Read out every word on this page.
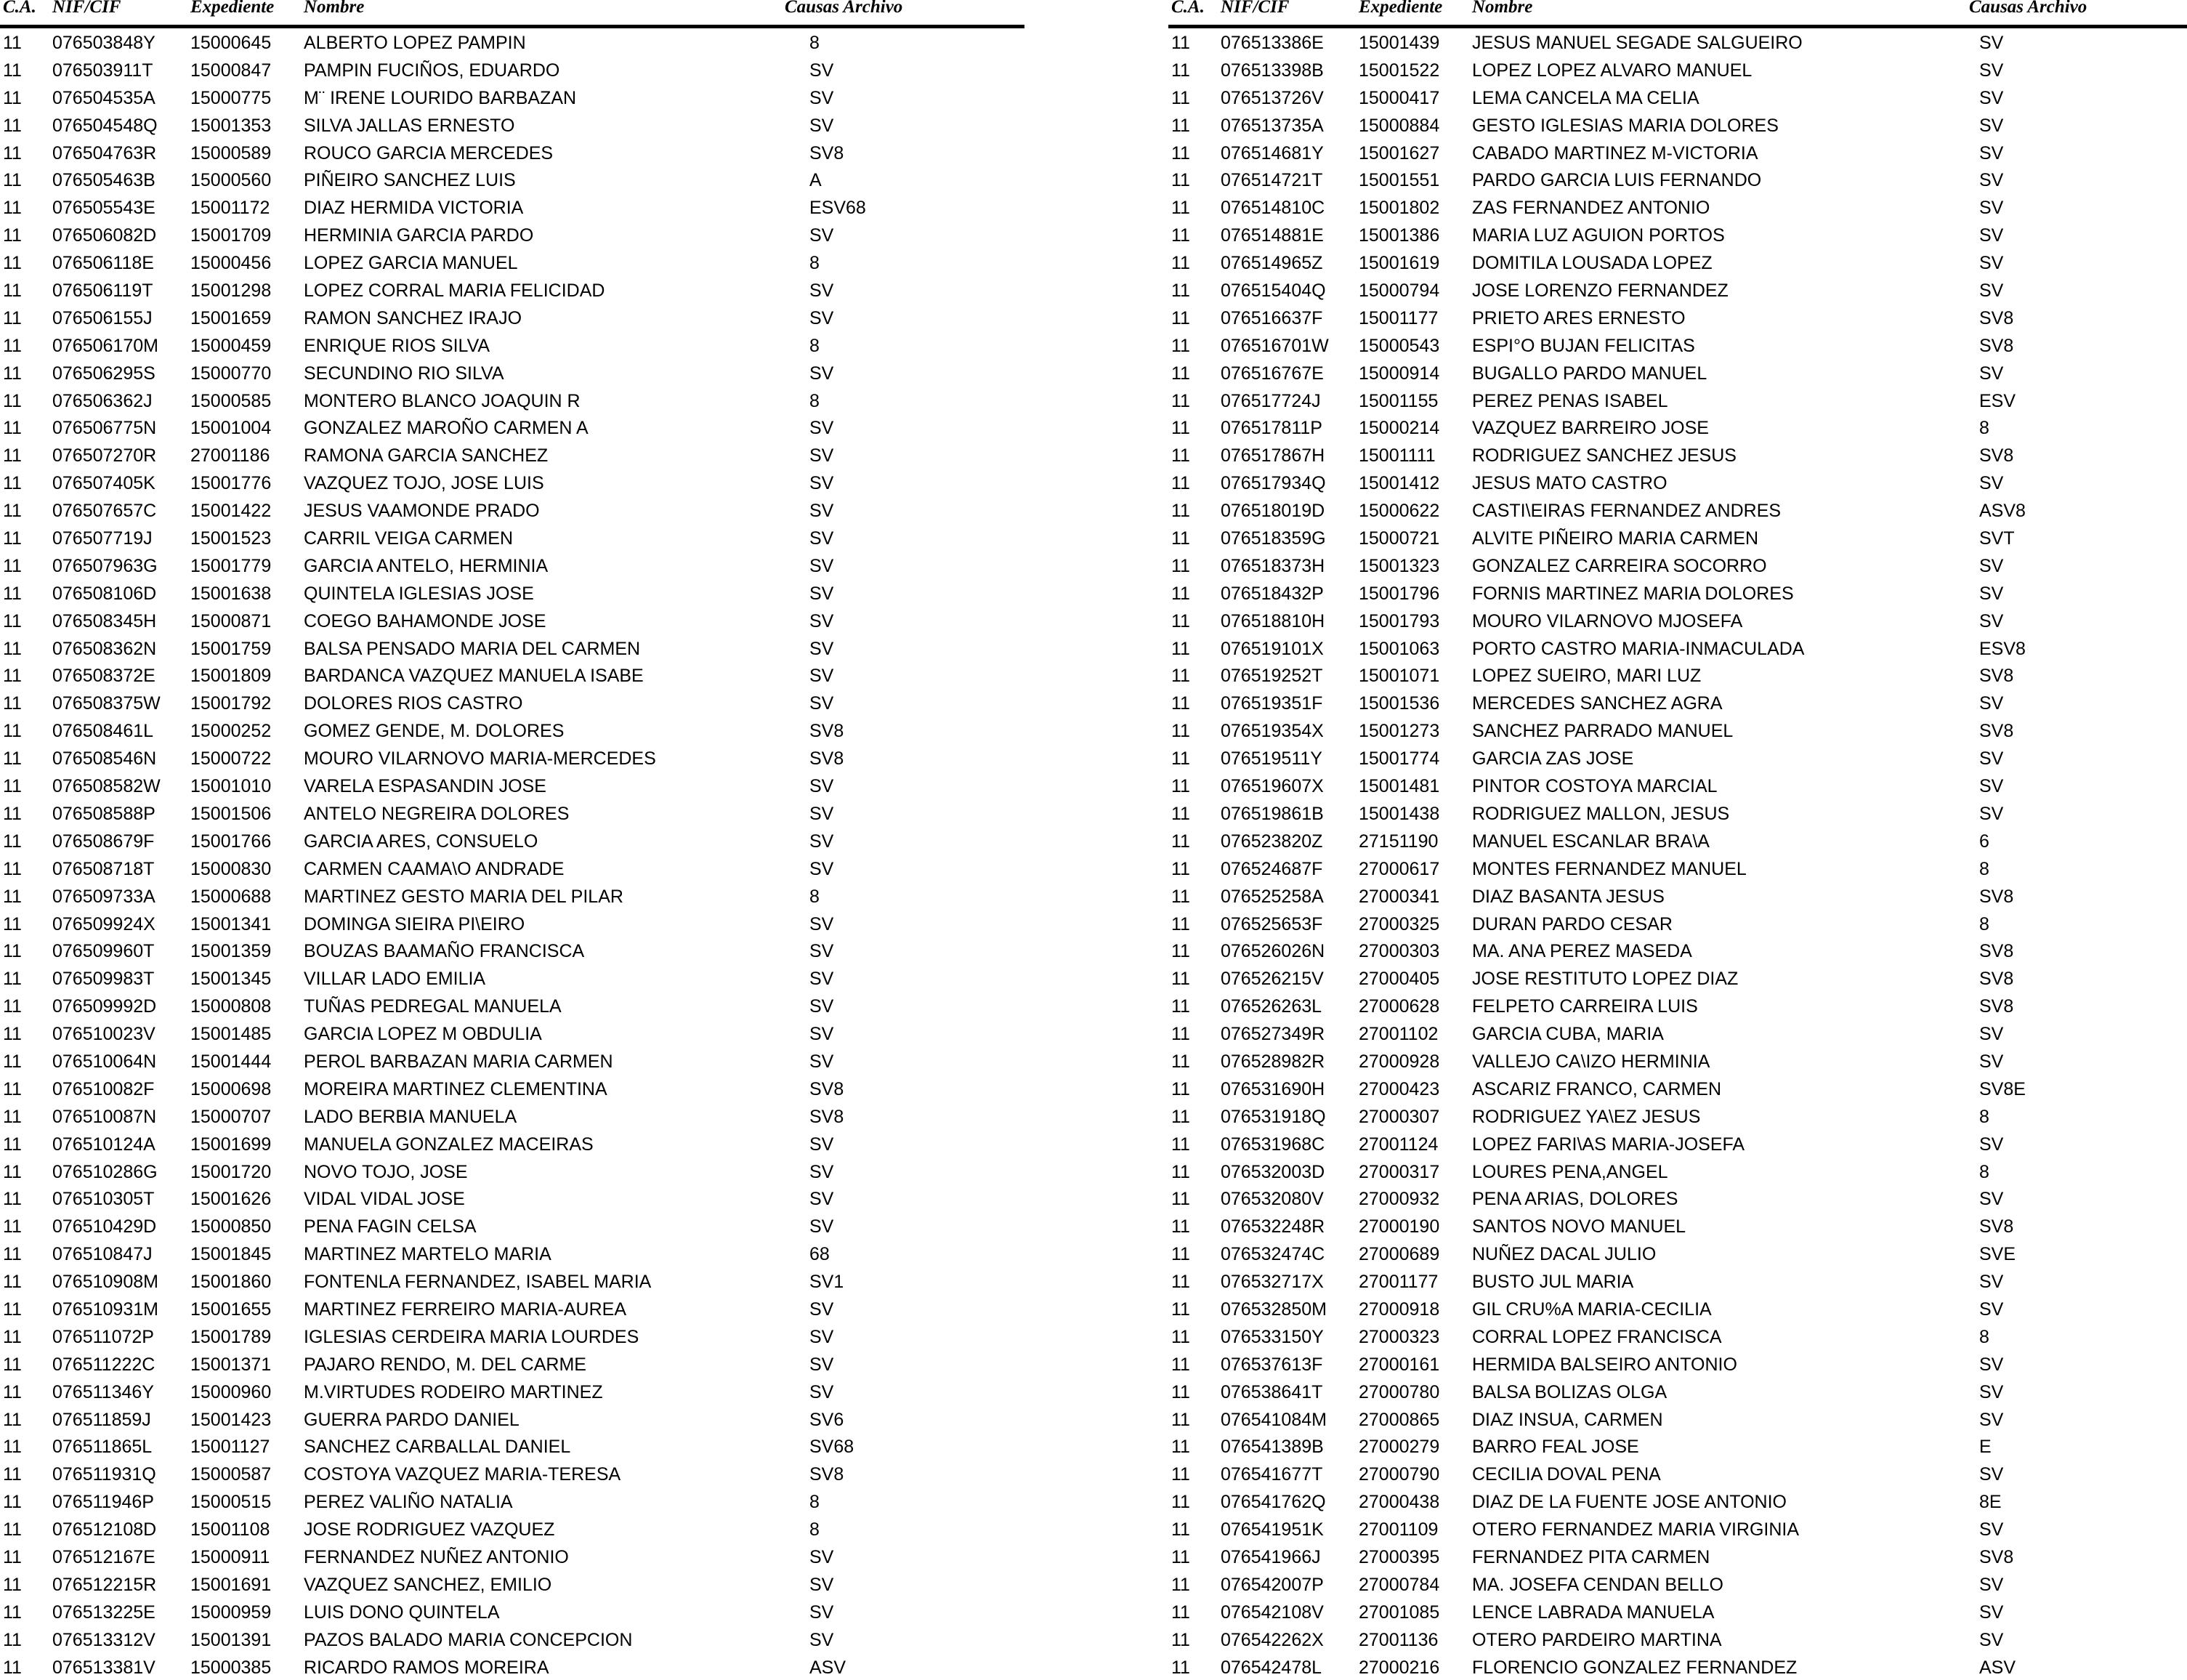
C.A. NIF/CIF	Expediente Nombre	Causas Archivo
11 076503848Y 15000645 ALBERTO LOPEZ PAMPIN	8
11 076503911T 15000847 PAMPIN FUCIÑOS, EDUARDO	SV
11 076504535A 15000775 M¨ IRENE LOURIDO BARBAZAN	SV
11 076504548Q 15001353 SILVA JALLAS ERNESTO	SV
11 076504763R 15000589 ROUCO GARCIA MERCEDES	SV8
11 076505463B 15000560 PIÑEIRO SANCHEZ LUIS	A
11 076505543E 15001172 DIAZ HERMIDA VICTORIA	ESV68
11 076506082D 15001709 HERMINIA GARCIA PARDO	SV
11 076506118E 15000456 LOPEZ GARCIA MANUEL	8
11 076506119T 15001298 LOPEZ CORRAL MARIA FELICIDAD	SV
11 076506155J 15001659 RAMON SANCHEZ IRAJO	SV
11 076506170M 15000459 ENRIQUE RIOS SILVA	8
11 076506295S 15000770 SECUNDINO RIO SILVA	SV
11 076506362J 15000585 MONTERO BLANCO JOAQUIN R	8
11 076506775N 15001004 GONZALEZ MAROÑO CARMEN A	SV
11 076507270R 27001186 RAMONA GARCIA SANCHEZ	SV
11 076507405K 15001776 VAZQUEZ TOJO, JOSE LUIS	SV
11 076507657C 15001422 JESUS VAAMONDE PRADO	SV
11 076507719J 15001523 CARRIL VEIGA CARMEN	SV
11 076507963G 15001779 GARCIA ANTELO, HERMINIA	SV
11 076508106D 15001638 QUINTELA IGLESIAS JOSE	SV
11 076508345H 15000871 COEGO BAHAMONDE JOSE	SV
11 076508362N 15001759 BALSA PENSADO MARIA DEL CARMEN	SV
11 076508372E 15001809 BARDANCA VAZQUEZ MANUELA ISABE	SV
11 076508375W 15001792 DOLORES RIOS CASTRO	SV
11 076508461L 15000252 GOMEZ GENDE, M. DOLORES	SV8
11 076508546N 15000722 MOURO VILARNOVO MARIA-MERCEDES	SV8
11 076508582W 15001010 VARELA ESPASANDIN JOSE	SV
11 076508588P 15001506 ANTELO NEGREIRA DOLORES	SV
11 076508679F 15001766 GARCIA ARES, CONSUELO	SV
11 076508718T 15000830 CARMEN CAAMA\O ANDRADE	SV
11 076509733A 15000688 MARTINEZ GESTO MARIA DEL PILAR	8
11 076509924X 15001341 DOMINGA SIEIRA PI\EIRO	SV
11 076509960T 15001359 BOUZAS BAAMAÑO FRANCISCA	SV
11 076509983T 15001345 VILLAR LADO EMILIA	SV
11 076509992D 15000808 TUÑAS PEDREGAL MANUELA	SV
11 076510023V 15001485 GARCIA LOPEZ M OBDULIA	SV
11 076510064N 15001444 PEROL BARBAZAN MARIA CARMEN	SV
11 076510082F 15000698 MOREIRA MARTINEZ CLEMENTINA	SV8
11 076510087N 15000707 LADO BERBIA MANUELA	SV8
11 076510124A 15001699 MANUELA GONZALEZ MACEIRAS	SV
11 076510286G 15001720 NOVO TOJO, JOSE	SV
11 076510305T 15001626 VIDAL VIDAL JOSE	SV
11 076510429D 15000850 PENA FAGIN CELSA	SV
11 076510847J 15001845 MARTINEZ MARTELO MARIA	68
11 076510908M 15001860 FONTENLA FERNANDEZ, ISABEL MARIA	SV1
11 076510931M 15001655 MARTINEZ FERREIRO MARIA-AUREA	SV
11 076511072P 15001789 IGLESIAS CERDEIRA MARIA LOURDES	SV
11 076511222C 15001371 PAJARO RENDO, M. DEL CARME	SV
11 076511346Y 15000960 M.VIRTUDES RODEIRO MARTINEZ	SV
11 076511859J 15001423 GUERRA PARDO DANIEL	SV6
11 076511865L 15001127 SANCHEZ CARBALLAL DANIEL	SV68
11 076511931Q 15000587 COSTOYA VAZQUEZ MARIA-TERESA	SV8
11 076511946P 15000515 PEREZ VALIÑO NATALIA	8
11 076512108D 15001108 JOSE RODRIGUEZ VAZQUEZ	8
11 076512167E 15000911 FERNANDEZ NUÑEZ ANTONIO	SV
11 076512215R 15001691 VAZQUEZ SANCHEZ, EMILIO	SV
11 076513225E 15000959 LUIS DONO QUINTELA	SV
11 076513312V 15001391 PAZOS BALADO MARIA CONCEPCION	SV
11 076513381V 15000385 RICARDO RAMOS MOREIRA	ASV
C.A. NIF/CIF	Expediente Nombre	Causas Archivo
11 076513386E 15001439 JESUS MANUEL SEGADE SALGUEIRO	SV
11 076513398B 15001522 LOPEZ LOPEZ ALVARO MANUEL	SV
11 076513726V 15000417 LEMA CANCELA MA CELIA	SV
11 076513735A 15000884 GESTO IGLESIAS MARIA DOLORES	SV
11 076514681Y 15001627 CABADO MARTINEZ M-VICTORIA	SV
11 076514721T 15001551 PARDO GARCIA LUIS FERNANDO	SV
11 076514810C 15001802 ZAS FERNANDEZ ANTONIO	SV
11 076514881E 15001386 MARIA LUZ AGUION PORTOS	SV
11 076514965Z 15001619 DOMITILA LOUSADA LOPEZ	SV
11 076515404Q 15000794 JOSE LORENZO FERNANDEZ	SV
11 076516637F 15001177 PRIETO ARES ERNESTO	SV8
11 076516701W 15000543 ESPI°O BUJAN FELICITAS	SV8
11 076516767E 15000914 BUGALLO PARDO MANUEL	SV
11 076517724J 15001155 PEREZ PENAS ISABEL	ESV
11 076517811P 15000214 VAZQUEZ BARREIRO JOSE	8
11 076517867H 15001111 RODRIGUEZ SANCHEZ JESUS	SV8
11 076517934Q 15001412 JESUS MATO CASTRO	SV
11 076518019D 15000622 CASTI\EIRAS FERNANDEZ ANDRES	ASV8
11 076518359G 15000721 ALVITE PIÑEIRO MARIA CARMEN	SVT
11 076518373H 15001323 GONZALEZ CARREIRA SOCORRO	SV
11 076518432P 15001796 FORNIS MARTINEZ MARIA DOLORES	SV
11 076518810H 15001793 MOURO VILARNOVO MJOSEFA	SV
11 076519101X 15001063 PORTO CASTRO MARIA-INMACULADA	ESV8
11 076519252T 15001071 LOPEZ SUEIRO, MARI LUZ	SV8
11 076519351F 15001536 MERCEDES SANCHEZ AGRA	SV
11 076519354X 15001273 SANCHEZ PARRADO MANUEL	SV8
11 076519511Y 15001774 GARCIA ZAS JOSE	SV
11 076519607X 15001481 PINTOR COSTOYA MARCIAL	SV
11 076519861B 15001438 RODRIGUEZ MALLON, JESUS	SV
11 076523820Z 27151190 MANUEL ESCANLAR BRA\A	6
11 076524687F 27000617 MONTES FERNANDEZ MANUEL	8
11 076525258A 27000341 DIAZ BASANTA JESUS	SV8
11 076525653F 27000325 DURAN PARDO CESAR	8
11 076526026N 27000303 MA. ANA PEREZ MASEDA	SV8
11 076526215V 27000405 JOSE RESTITUTO LOPEZ DIAZ	SV8
11 076526263L 27000628 FELPETO CARREIRA LUIS	SV8
11 076527349R 27001102 GARCIA CUBA, MARIA	SV
11 076528982R 27000928 VALLEJO CA\IZO HERMINIA	SV
11 076531690H 27000423 ASCARIZ FRANCO, CARMEN	SV8E
11 076531918Q 27000307 RODRIGUEZ YA\EZ JESUS	8
11 076531968C 27001124 LOPEZ FARI\AS MARIA-JOSEFA	SV
11 076532003D 27000317 LOURES PENA,ANGEL	8
11 076532080V 27000932 PENA ARIAS, DOLORES	SV
11 076532248R 27000190 SANTOS NOVO MANUEL	SV8
11 076532474C 27000689 NUÑEZ DACAL JULIO	SVE
11 076532717X 27001177 BUSTO JUL MARIA	SV
11 076532850M 27000918 GIL CRU%A MARIA-CECILIA	SV
11 076533150Y 27000323 CORRAL LOPEZ FRANCISCA	8
11 076537613F 27000161 HERMIDA BALSEIRO ANTONIO	SV
11 076538641T 27000780 BALSA BOLIZAS OLGA	SV
11 076541084M 27000865 DIAZ INSUA, CARMEN	SV
11 076541389B 27000279 BARRO FEAL JOSE	E
11 076541677T 27000790 CECILIA DOVAL PENA	SV
11 076541762Q 27000438 DIAZ DE LA FUENTE JOSE ANTONIO	8E
11 076541951K 27001109 OTERO FERNANDEZ MARIA VIRGINIA	SV
11 076541966J 27000395 FERNANDEZ PITA CARMEN	SV8
11 076542007P 27000784 MA. JOSEFA CENDAN BELLO	SV
11 076542108V 27001085 LENCE LABRADA MANUELA	SV
11 076542262X 27001136 OTERO PARDEIRO MARTINA	SV
11 076542478L 27000216 FLORENCIO GONZALEZ FERNANDEZ	ASV
